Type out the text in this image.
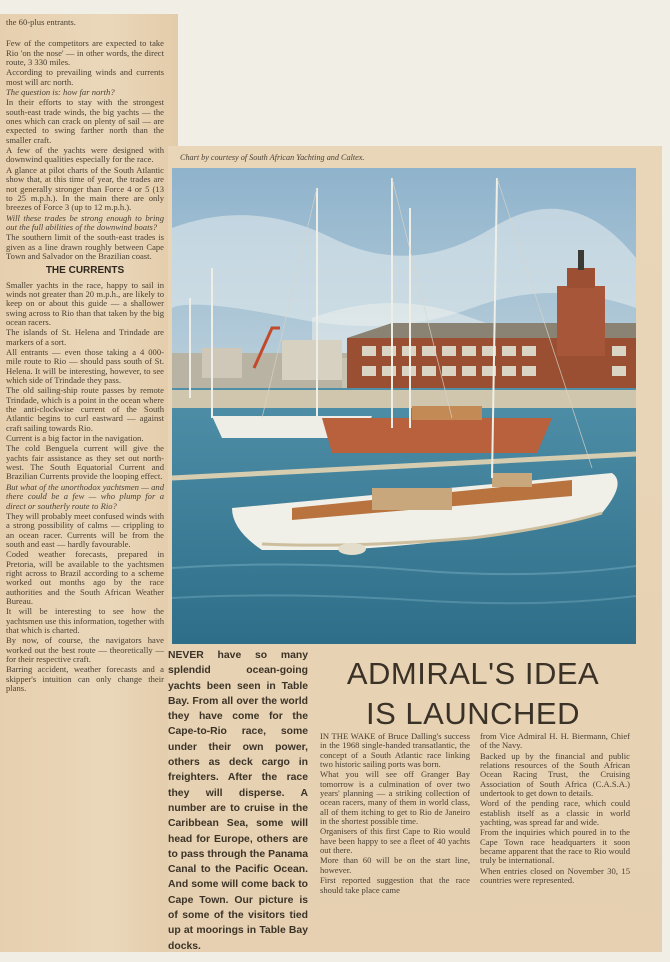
the 60-plus entrants.

Few of the competitors are expected to take Rio 'on the nose' — in other words, the direct route, 3 330 miles.

According to prevailing winds and currents most will arc north.

The question is: how far north?

In their efforts to stay with the strongest south-east trade winds, the big yachts — the ones which can crack on plenty of sail — are expected to swing farther north than the smaller craft.

A few of the yachts were designed with downwind qualities especially for the race.

A glance at pilot charts of the South Atlantic show that, at this time of year, the trades are not generally stronger than Force 4 or 5 (13 to 25 m.p.h.). In the main there are only breezes of Force 3 (up to 12 m.p.h.).

Will these trades be strong enough to bring out the full abilities of the downwind boats?

The southern limit of the south-east trades is given as a line drawn roughly between Cape Town and Salvador on the Brazilian coast.

THE CURRENTS

Smaller yachts in the race, happy to sail in winds not greater than 20 m.p.h., are likely to keep on or about this guide — a shallower swing across to Rio than that taken by the big ocean racers.

The islands of St. Helena and Trindade are markers of a sort.

All entrants — even those taking a 4 000-mile route to Rio — should pass south of St. Helena. It will be interesting, however, to see which side of Trindade they pass.

The old sailing-ship route passes by remote Trindade, which is a point in the ocean where the anti-clockwise current of the South Atlantic begins to curl eastward — against craft sailing towards Rio.

Current is a big factor in the navigation.

The cold Benguela current will give the yachts fair assistance as they set out north-west. The South Equatorial Current and Brazilian Currents provide the looping effect.

But what of the unorthodox yachtsmen — and there could be a few — who plump for a direct or southerly route to Rio?

They will probably meet confused winds with a strong possibility of calms — crippling to an ocean racer. Currents will be from the south and east — hardly favourable.

Coded weather forecasts, prepared in Pretoria, will be available to the yachtsmen right across to Brazil according to a scheme worked out months ago by the race authorities and the South African Weather Bureau.

It will be interesting to see how the yachtsmen use this information, together with that which is charted.

By now, of course, the navigators have worked out the best route — theoretically — for their respective craft.

Barring accident, weather forecasts and a skipper's intuition can only change their plans.

Chart by courtesy of South African Yachting and Caltex.
NEVER have so many splendid ocean-going yachts been seen in Table Bay. From all over the world they have come for the Cape-to-Rio race, some under their own power, others as deck cargo in freighters. After the race they will disperse. A number are to cruise in the Caribbean Sea, some will head for Europe, others are to pass through the Panama Canal to the Pacific Ocean. And some will come back to Cape Town. Our picture is of some of the visitors tied up at moorings in Table Bay docks.
ADMIRAL'S IDEA
IS LAUNCHED

IN THE WAKE of Bruce Dalling's success in the 1968 single-handed transatlantic, the concept of a South Atlantic race linking two historic sailing ports was born.

What you will see off Granger Bay tomorrow is a culmination of over two years' planning — a striking collection of ocean racers, many of them in world class, all of them itching to get to Rio de Janeiro in the shortest possible time.

Organisers of this first Cape to Rio would have been happy to see a fleet of 40 yachts out there.

More than 60 will be on the start line, however.

First reported suggestion that the race should take place came

from Vice Admiral H. H. Biermann, Chief of the Navy.

Backed up by the financial and public relations resources of the South African Ocean Racing Trust, the Cruising Association of South Africa (C.A.S.A.) undertook to get down to details.

Word of the pending race, which could establish itself as a classic in world yachting, was spread far and wide.

From the inquiries which poured in to the Cape Town race headquarters it soon became apparent that the race to Rio would truly be international.

When entries closed on November 30, 15 countries were represented.
